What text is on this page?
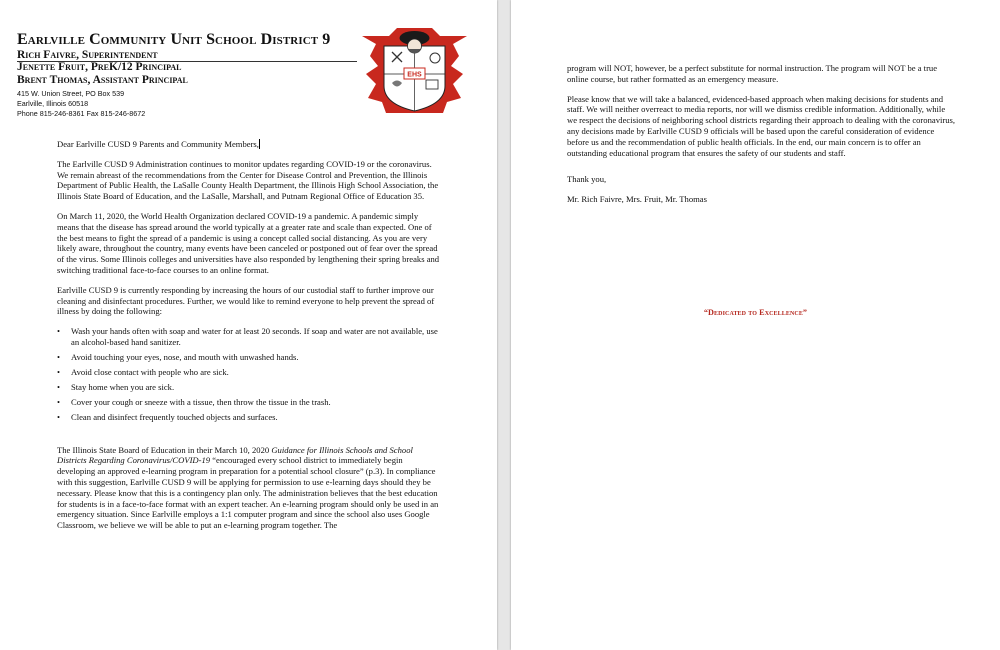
Earlville Community Unit School District 9
Rich Faivre, Superintendent
Jenette Fruit, PreK/12 Principal
Brent Thomas, Assistant Principal
415 W. Union Street, PO Box 539
Earlville, Illinois 60518
Phone 815-246-8361 Fax 815-246-8672
EHS

Dear Earlville CUSD 9 Parents and Community Members,

The Earlville CUSD 9 Administration continues to monitor updates regarding COVID-19 or the coronavirus. We remain abreast of the recommendations from the Center for Disease Control and Prevention, the Illinois Department of Public Health, the LaSalle County Health Department, the Illinois High School Association, the Illinois State Board of Education, and the LaSalle, Marshall, and Putnam Regional Office of Education 35.

On March 11, 2020, the World Health Organization declared COVID-19 a pandemic. A pandemic simply means that the disease has spread around the world typically at a greater rate and scale than expected. One of the best means to fight the spread of a pandemic is using a concept called social distancing. As you are very likely aware, throughout the country, many events have been canceled or postponed out of fear over the spread of the virus. Some Illinois colleges and universities have also responded by lengthening their spring breaks and switching traditional face-to-face courses to an online format.

Earlville CUSD 9 is currently responding by increasing the hours of our custodial staff to further improve our cleaning and disinfectant procedures. Further, we would like to remind everyone to help prevent the spread of illness by doing the following:

• Wash your hands often with soap and water for at least 20 seconds. If soap and water are not available, use an alcohol-based hand sanitizer.
• Avoid touching your eyes, nose, and mouth with unwashed hands.
• Avoid close contact with people who are sick.
• Stay home when you are sick.
• Cover your cough or sneeze with a tissue, then throw the tissue in the trash.
• Clean and disinfect frequently touched objects and surfaces.

The Illinois State Board of Education in their March 10, 2020 Guidance for Illinois Schools and School Districts Regarding Coronavirus/COVID-19 “encouraged every school district to immediately begin developing an approved e-learning program in preparation for a potential school closure” (p.3). In compliance with this suggestion, Earlville CUSD 9 will be applying for permission to use e-learning days should they be necessary. Please know that this is a contingency plan only. The administration believes that the best education for students is in a face-to-face format with an expert teacher. An e-learning program should only be used in an emergency situation. Since Earlville employs a 1:1 computer program and since the school also uses Google Classroom, we believe we will be able to put an e-learning program together. The

“Dedicated to Excellence”

program will NOT, however, be a perfect substitute for normal instruction. The program will NOT be a true online course, but rather formatted as an emergency measure.

Please know that we will take a balanced, evidenced-based approach when making decisions for students and staff. We will neither overreact to media reports, nor will we dismiss credible information. Additionally, while we respect the decisions of neighboring school districts regarding their approach to dealing with the coronavirus, any decisions made by Earlville CUSD 9 officials will be based upon the careful consideration of evidence before us and the recommendation of public health officials. In the end, our main concern is to offer an outstanding educational program that ensures the safety of our students and staff.

Thank you,

Mr. Rich Faivre, Mrs. Fruit, Mr. Thomas
